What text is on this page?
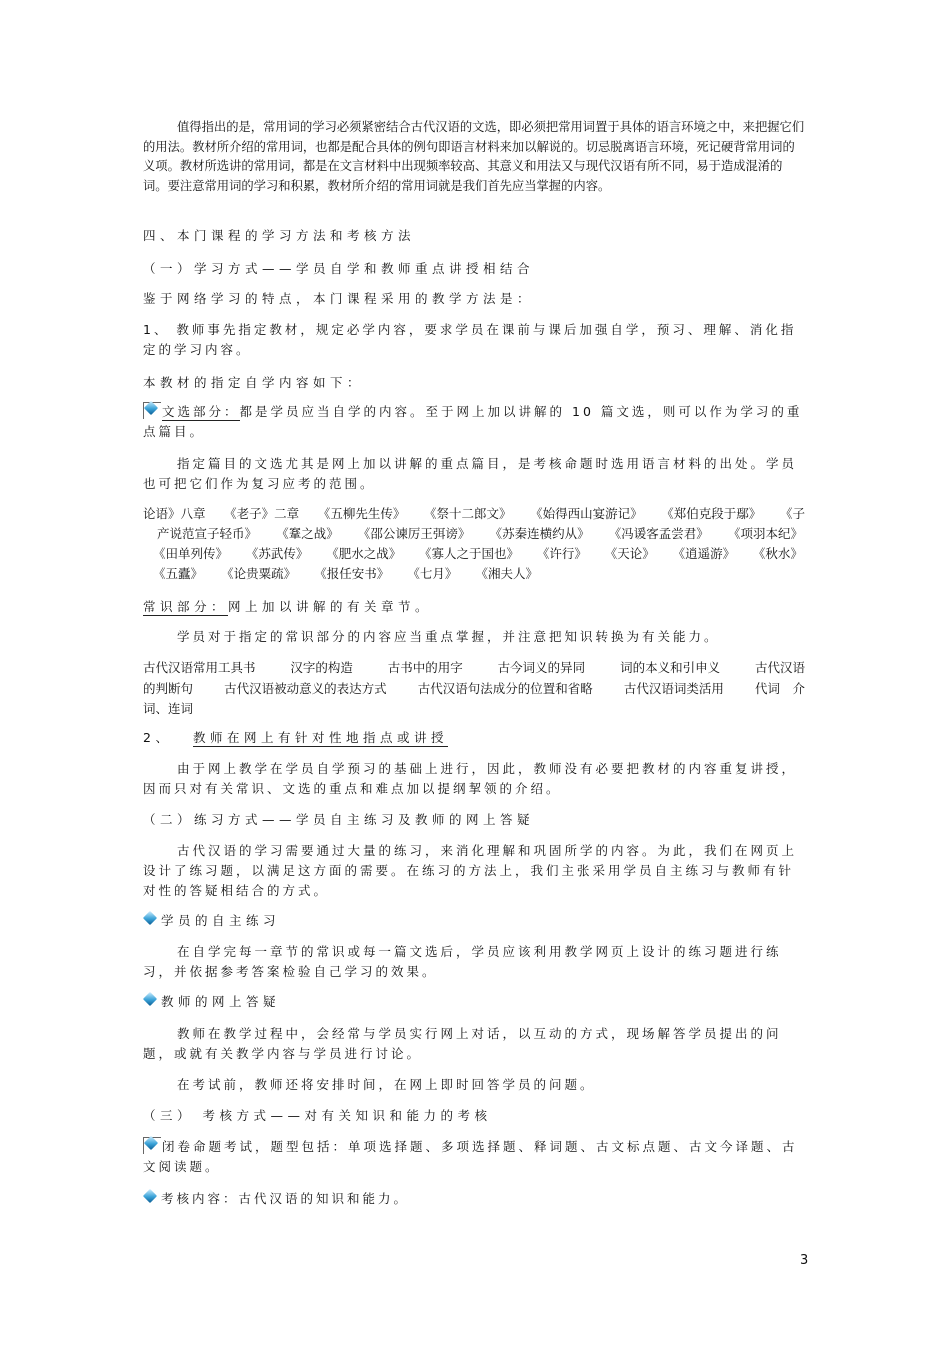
值得指出的是，常用词的学习必须紧密结合古代汉语的文选，即必须把常用词置于具体的语言环境之中，来把握它们的用法。教材所介绍的常用词，也都是配合具体的例句即语言材料来加以解说的。切忌脱离语言环境，死记硬背常用词的义项。教材所选讲的常用词，都是在文言材料中出现频率较高、其意义和用法又与现代汉语有所不同，易于造成混淆的词。要注意常用词的学习和积累，教材所介绍的常用词就是我们首先应当掌握的内容。
四、本门课程的学习方法和考核方法
（一）学习方式——学员自学和教师重点讲授相结合
鉴于网络学习的特点，本门课程采用的教学方法是：
1、 教师事先指定教材，规定必学内容，要求学员在课前与课后加强自学，预习、理解、消化指定的学习内容。
本教材的指定自学内容如下：
文选部分：都是学员应当自学的内容。至于网上加以讲解的 10 篇文选，则可以作为学习的重点篇目。
指定篇目的文选尤其是网上加以讲解的重点篇目，是考核命题时选用语言材料的出处。学员也可把它们作为复习应考的范围。
论语》八章 《老子》二章 《五柳先生传》 《祭十二郎文》 《始得西山宴游记》 《郑伯克段于鄢》 《子
产说范宣子轻币》 《鞌之战》 《邵公谏厉王弭谤》 《苏秦连横约从》 《冯谖客孟尝君》 《项羽本纪》
《田单列传》 《苏武传》 《肥水之战》 《寡人之于国也》 《许行》 《天论》 《逍遥游》 《秋水》
《五蠹》 《论贵粟疏》 《报任安书》 《七月》 《湘夫人》
常识部分：网上加以讲解的有关章节。
学员对于指定的常识部分的内容应当重点掌握，并注意把知识转换为有关能力。
古代汉语常用工具书	汉字的构造	古书中的用字	古今词义的异同	词的本义和引申义	古代汉语
的判断句 古代汉语被动意义的表达方式 古代汉语句法成分的位置和省略 古代汉语词类活用 代词　介
词、连词
2、 教师在网上有针对性地指点或讲授
由于网上教学在学员自学预习的基础上进行，因此，教师没有必要把教材的内容重复讲授，因而只对有关常识、文选的重点和难点加以提纲挈领的介绍。
（二）练习方式——学员自主练习及教师的网上答疑
古代汉语的学习需要通过大量的练习，来消化理解和巩固所学的内容。为此，我们在网页上设计了练习题，以满足这方面的需要。在练习的方法上，我们主张采用学员自主练习与教师有针对性的答疑相结合的方式。
学员的自主练习
在自学完每一章节的常识或每一篇文选后，学员应该利用教学网页上设计的练习题进行练习，并依据参考答案检验自己学习的效果。
教师的网上答疑
教师在教学过程中，会经常与学员实行网上对话，以互动的方式，现场解答学员提出的问题，或就有关教学内容与学员进行讨论。
在考试前，教师还将安排时间，在网上即时回答学员的问题。
（三） 考核方式——对有关知识和能力的考核
闭卷命题考试，题型包括：单项选择题、多项选择题、释词题、古文标点题、古文今译题、古文阅读题。
考核内容：古代汉语的知识和能力。
3
